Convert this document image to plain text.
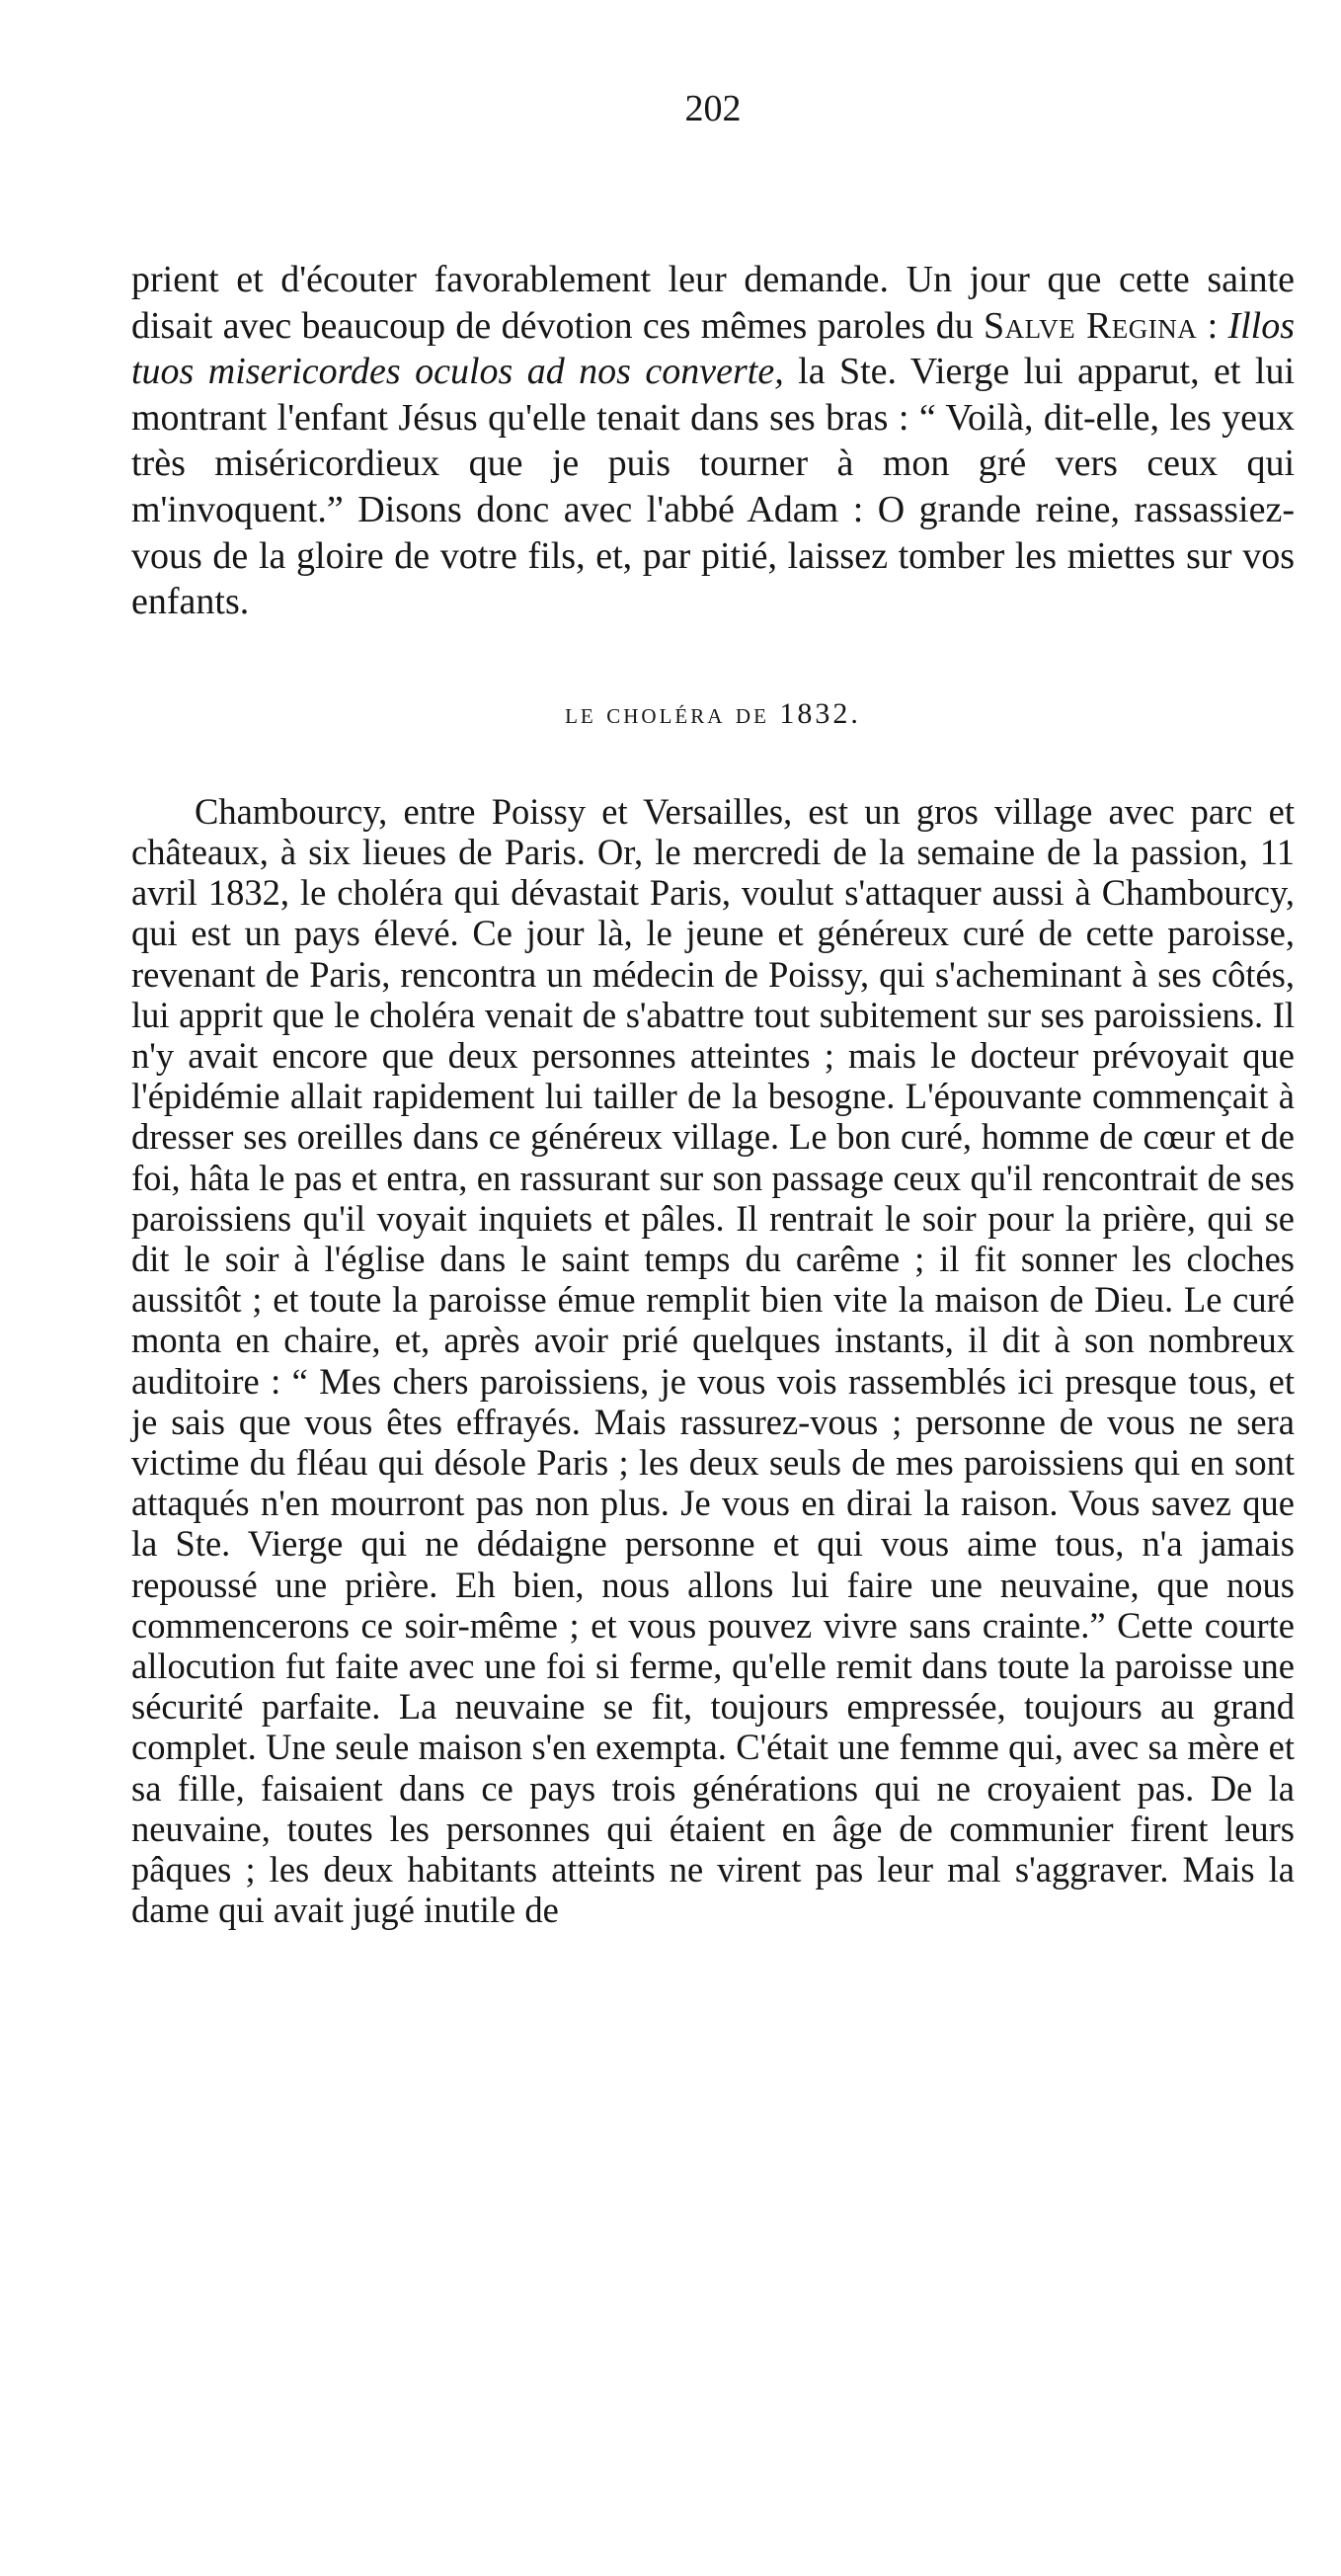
202

prient et d'écouter favorablement leur demande. Un jour que cette sainte disait avec beaucoup de dévotion ces mêmes paroles du Salve Regina : Illos tuos misericordes oculos ad nos converte, la Ste. Vierge lui apparut, et lui montrant l'enfant Jésus qu'elle tenait dans ses bras : “ Voilà, dit-elle, les yeux très miséricordieux que je puis tourner à mon gré vers ceux qui m'invoquent.” Disons donc avec l'abbé Adam : O grande reine, rassassiez-vous de la gloire de votre fils, et, par pitié, laissez tomber les miettes sur vos enfants.

le choléra de 1832.

Chambourcy, entre Poissy et Versailles, est un gros village avec parc et châteaux, à six lieues de Paris. Or, le mercredi de la semaine de la passion, 11 avril 1832, le choléra qui dévastait Paris, voulut s'attaquer aussi à Chambourcy, qui est un pays élevé. Ce jour là, le jeune et généreux curé de cette paroisse, revenant de Paris, rencontra un médecin de Poissy, qui s'acheminant à ses côtés, lui apprit que le choléra venait de s'abattre tout subitement sur ses paroissiens. Il n'y avait encore que deux personnes atteintes ; mais le docteur prévoyait que l'épidémie allait rapidement lui tailler de la besogne. L'épouvante commençait à dresser ses oreilles dans ce généreux village. Le bon curé, homme de cœur et de foi, hâta le pas et entra, en rassurant sur son passage ceux qu'il rencontrait de ses paroissiens qu'il voyait inquiets et pâles. Il rentrait le soir pour la prière, qui se dit le soir à l'église dans le saint temps du carême ; il fit sonner les cloches aussitôt ; et toute la paroisse émue remplit bien vite la maison de Dieu. Le curé monta en chaire, et, après avoir prié quelques instants, il dit à son nombreux auditoire : “ Mes chers paroissiens, je vous vois rassemblés ici presque tous, et je sais que vous êtes effrayés. Mais rassurez-vous ; personne de vous ne sera victime du fléau qui désole Paris ; les deux seuls de mes paroissiens qui en sont attaqués n'en mourront pas non plus. Je vous en dirai la raison. Vous savez que la Ste. Vierge qui ne dédaigne personne et qui vous aime tous, n'a jamais repoussé une prière. Eh bien, nous allons lui faire une neuvaine, que nous commencerons ce soir-même ; et vous pouvez vivre sans crainte.” Cette courte allocution fut faite avec une foi si ferme, qu'elle remit dans toute la paroisse une sécurité parfaite. La neuvaine se fit, toujours empressée, toujours au grand complet. Une seule maison s'en exempta. C'était une femme qui, avec sa mère et sa fille, faisaient dans ce pays trois générations qui ne croyaient pas. De la neuvaine, toutes les personnes qui étaient en âge de communier firent leurs pâques ; les deux habitants atteints ne virent pas leur mal s'aggraver. Mais la dame qui avait jugé inutile de
